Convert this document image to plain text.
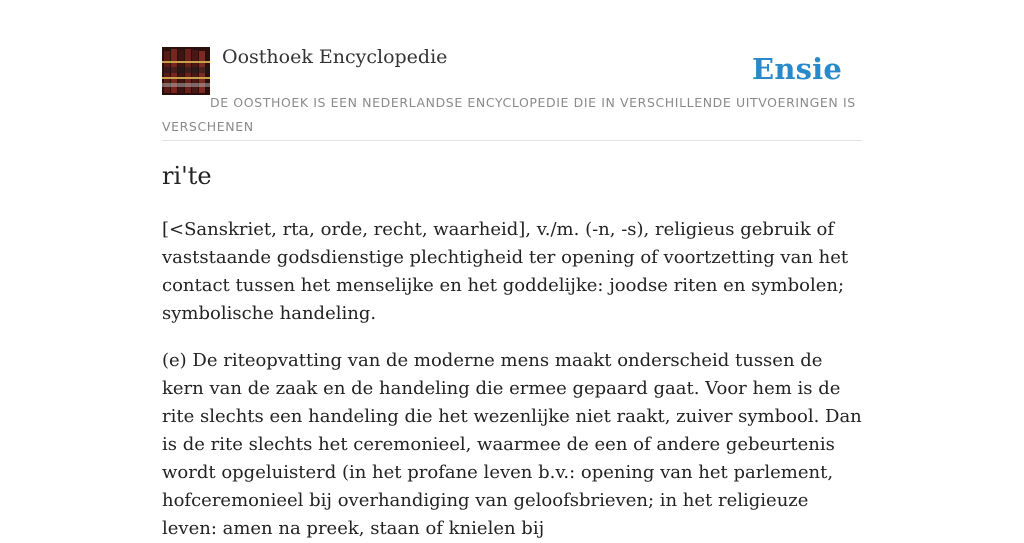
Oosthoek Encyclopedie	Ensie
DE OOSTHOEK IS EEN NEDERLANDSE ENCYCLOPEDIE DIE IN VERSCHILLENDE UITVOERINGEN IS VERSCHENEN
ri'te

[<Sanskriet, rta, orde, recht, waarheid], v./m. (-n, -s), religieus gebruik of vaststaande godsdienstige plechtigheid ter opening of voortzetting van het contact tussen het menselijke en het goddelijke: joodse riten en symbolen; symbolische handeling.

(e) De riteopvatting van de moderne mens maakt onderscheid tussen de kern van de zaak en de handeling die ermee gepaard gaat. Voor hem is de rite slechts een handeling die het wezenlijke niet raakt, zuiver symbool. Dan is de rite slechts het ceremonieel, waarmee de een of andere gebeurtenis wordt opgeluisterd (in het profane leven b.v.: opening van het parlement, hofceremonieel bij overhandiging van geloofsbrieven; in het religieuze leven: amen na preek, staan of knielen bij
